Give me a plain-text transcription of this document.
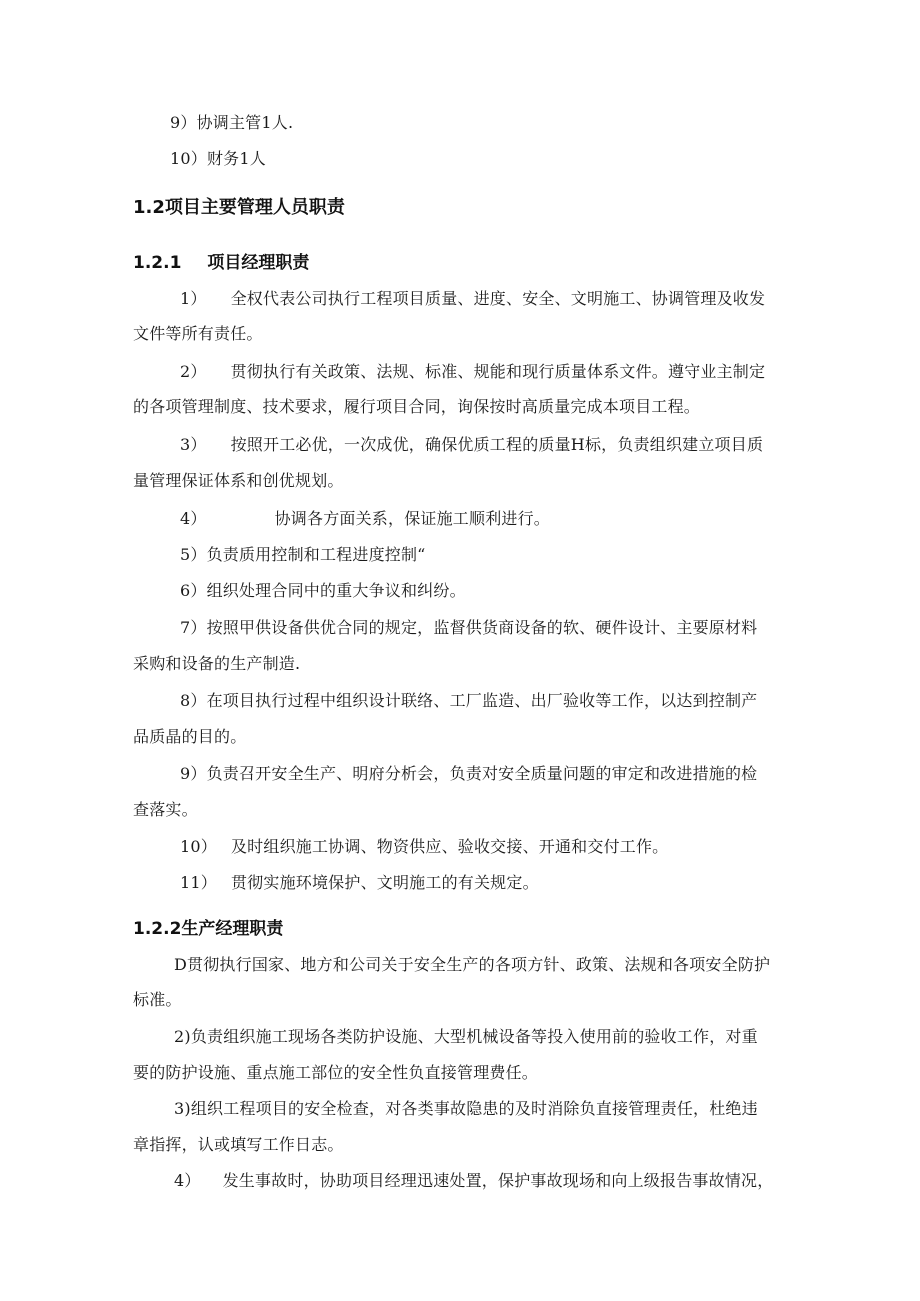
9）协调主管1人.
10）财务1人
1.2项目主要管理人员职责
1.2.1 项目经理职责
1） 全权代表公司执行工程项目质量、进度、安全、文明施工、协调管理及收发
文件等所有责任。
2） 贯彻执行有关政策、法规、标准、规能和现行质量体系文件。遵守业主制定
的各项管理制度、技术要求，履行项目合同，询保按时高质量完成本项目工程。
3） 按照开工必优，一次成优，确保优质工程的质量H标，负责组织建立项目质
量管理保证体系和创优规划。
4）	协调各方面关系，保证施工顺利进行。
5）负责质用控制和工程进度控制“
6）组织处理合同中的重大争议和纠纷。
7）按照甲供设备供优合同的规定，监督供货商设备的软、硬件设计、主要原材料
采购和设备的生产制造.
8）在项目执行过程中组织设计联络、工厂监造、出厂验收等工作，以达到控制产
品质晶的目的。
9）负责召开安全生产、明府分析会，负责对安全质量问题的审定和改进措施的检
查落实。
10） 及时组织施工协调、物资供应、验收交接、开通和交付工作。
11） 贯彻实施环境保护、文明施工的有关规定。
1.2.2生产经理职责
D贯彻执行国家、地方和公司关于安全生产的各项方针、政策、法规和各项安全防护
标准。
2)负责组织施工现场各类防护设施、大型机械设备等投入使用前的验收工作，对重
要的防护设施、重点施工部位的安全性负直接管理费任。
3)组织工程项目的安全检查，对各类事故隐患的及时消除负直接管理责任，杜绝违
章指挥，认或填写工作日志。
4） 发生事故时，协助项目经理迅速处置，保护事故现场和向上级报告事故情况，
